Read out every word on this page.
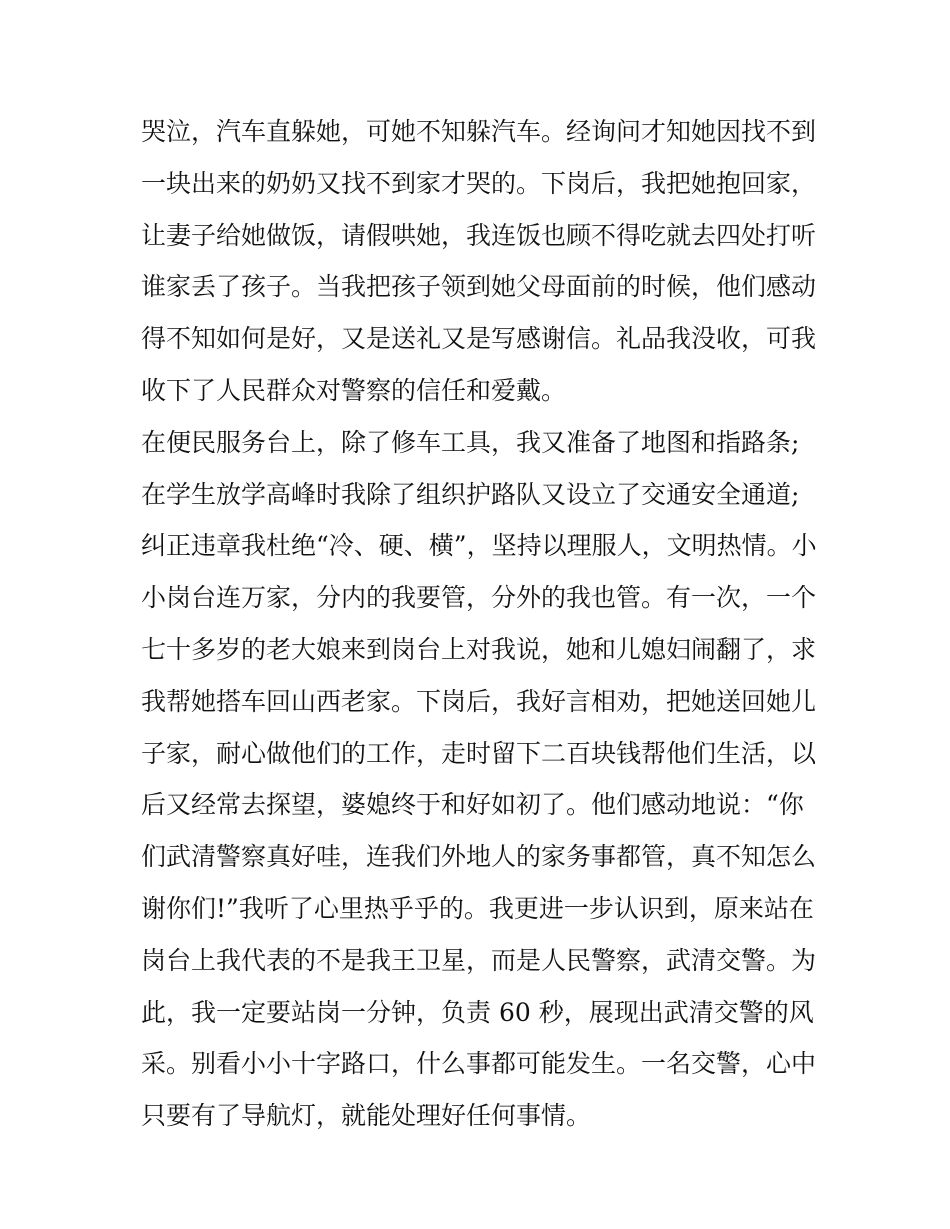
哭泣，汽车直躲她，可她不知躲汽车。经询问才知她因找不到
一块出来的奶奶又找不到家才哭的。下岗后，我把她抱回家，
让妻子给她做饭，请假哄她，我连饭也顾不得吃就去四处打听
谁家丢了孩子。当我把孩子领到她父母面前的时候，他们感动
得不知如何是好，又是送礼又是写感谢信。礼品我没收，可我
收下了人民群众对警察的信任和爱戴。
在便民服务台上，除了修车工具，我又准备了地图和指路条;
在学生放学高峰时我除了组织护路队又设立了交通安全通道;
纠正违章我杜绝“冷、硬、横”，坚持以理服人，文明热情。小
小岗台连万家，分内的我要管，分外的我也管。有一次，一个
七十多岁的老大娘来到岗台上对我说，她和儿媳妇闹翻了，求
我帮她搭车回山西老家。下岗后，我好言相劝，把她送回她儿
子家，耐心做他们的工作，走时留下二百块钱帮他们生活，以
后又经常去探望，婆媳终于和好如初了。他们感动地说：“你
们武清警察真好哇，连我们外地人的家务事都管，真不知怎么
谢你们!”我听了心里热乎乎的。我更进一步认识到，原来站在
岗台上我代表的不是我王卫星，而是人民警察，武清交警。为
此，我一定要站岗一分钟，负责 60 秒，展现出武清交警的风
采。别看小小十字路口，什么事都可能发生。一名交警，心中
只要有了导航灯，就能处理好任何事情。
